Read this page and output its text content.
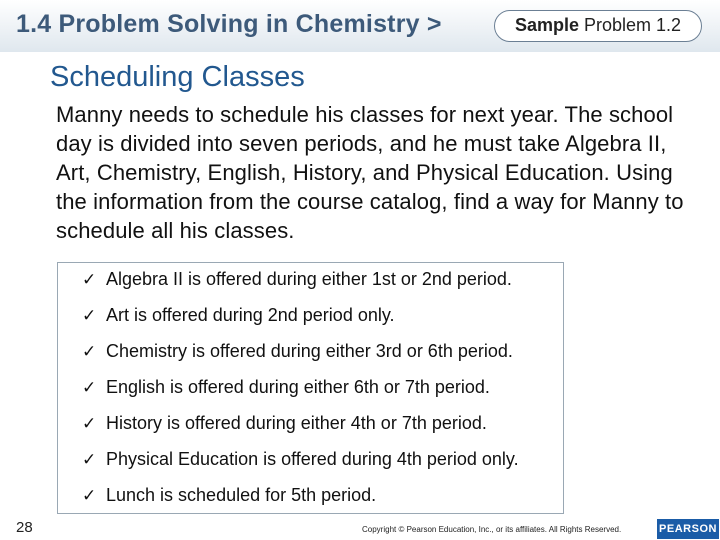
1.4 Problem Solving in Chemistry >	Sample Problem 1.2
Scheduling Classes
Manny needs to schedule his classes for next year. The school day is divided into seven periods, and he must take Algebra II, Art, Chemistry, English, History, and Physical Education. Using the information from the course catalog, find a way for Manny to schedule all his classes.
✓ Algebra II is offered during either 1st or 2nd period.
✓ Art is offered during 2nd period only.
✓ Chemistry is offered during either 3rd or 6th period.
✓ English is offered during either 6th or 7th period.
✓ History is offered during either 4th or 7th period.
✓ Physical Education is offered during 4th period only.
✓ Lunch is scheduled for 5th period.
28	Copyright © Pearson Education, Inc., or its affiliates. All Rights Reserved.	PEARSON
